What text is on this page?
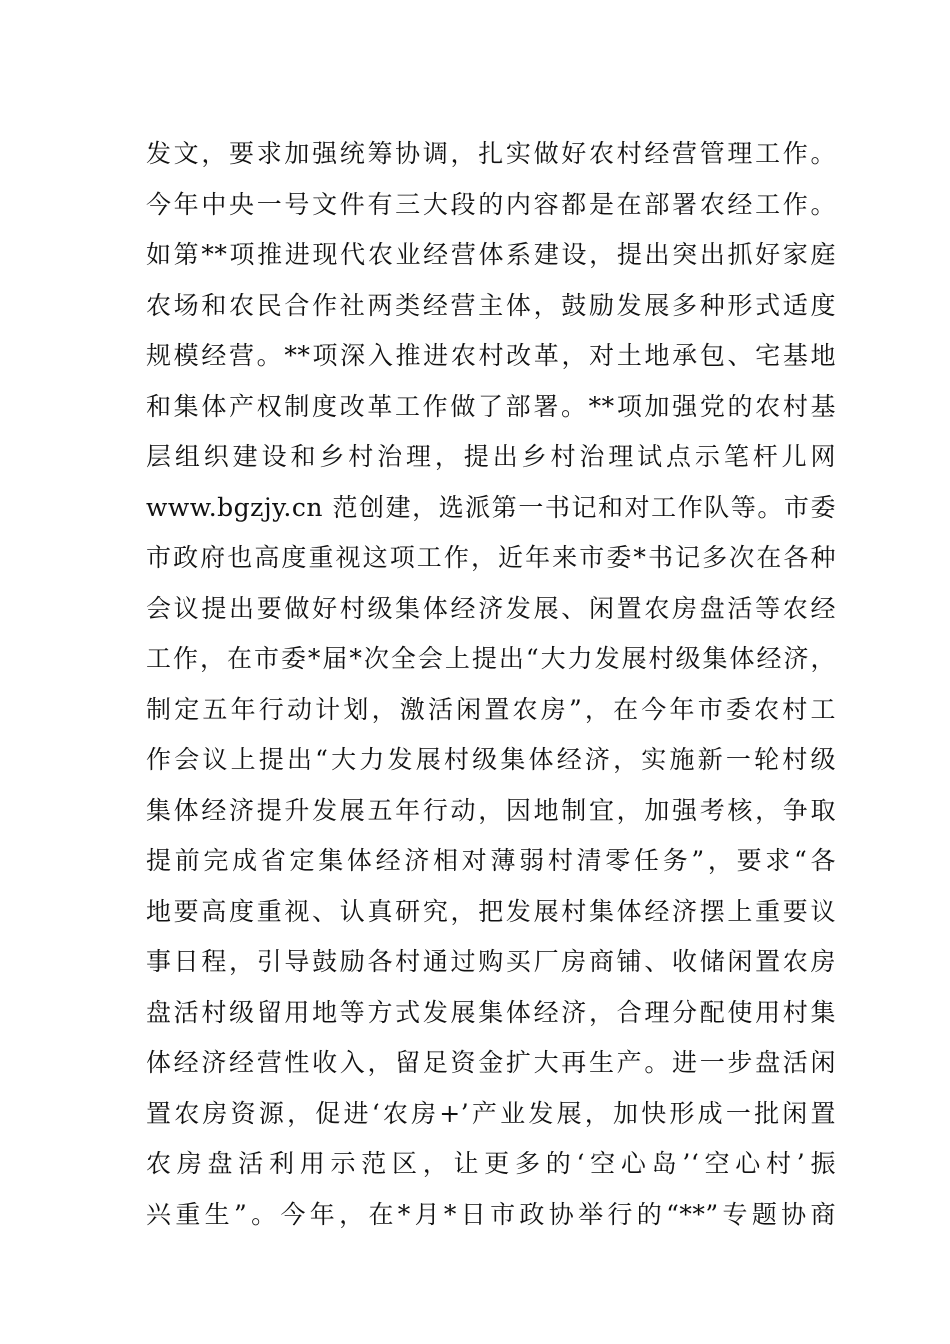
发文，要求加强统筹协调，扎实做好农村经营管理工作。
今年中央一号文件有三大段的内容都是在部署农经工作。
如第**项推进现代农业经营体系建设，提出突出抓好家庭
农场和农民合作社两类经营主体，鼓励发展多种形式适度
规模经营。**项深入推进农村改革，对土地承包、宅基地
和集体产权制度改革工作做了部署。**项加强党的农村基
层组织建设和乡村治理，提出乡村治理试点示笔杆儿网
www.bgzjy.cn 范创建，选派第一书记和对工作队等。市委
市政府也高度重视这项工作，近年来市委*书记多次在各种
会议提出要做好村级集体经济发展、闲置农房盘活等农经
工作，在市委*届*次全会上提出“大力发展村级集体经济，
制定五年行动计划，激活闲置农房”，在今年市委农村工
作会议上提出“大力发展村级集体经济，实施新一轮村级
集体经济提升发展五年行动，因地制宜，加强考核，争取
提前完成省定集体经济相对薄弱村清零任务”，要求“各
地要高度重视、认真研究，把发展村集体经济摆上重要议
事日程，引导鼓励各村通过购买厂房商铺、收储闲置农房
盘活村级留用地等方式发展集体经济，合理分配使用村集
体经济经营性收入，留足资金扩大再生产。进一步盘活闲
置农房资源，促进‘农房+’产业发展，加快形成一批闲置
农房盘活利用示范区，让更多的‘空心岛’‘空心村’振
兴重生”。今年，在*月*日市政协举行的“**”专题协商
